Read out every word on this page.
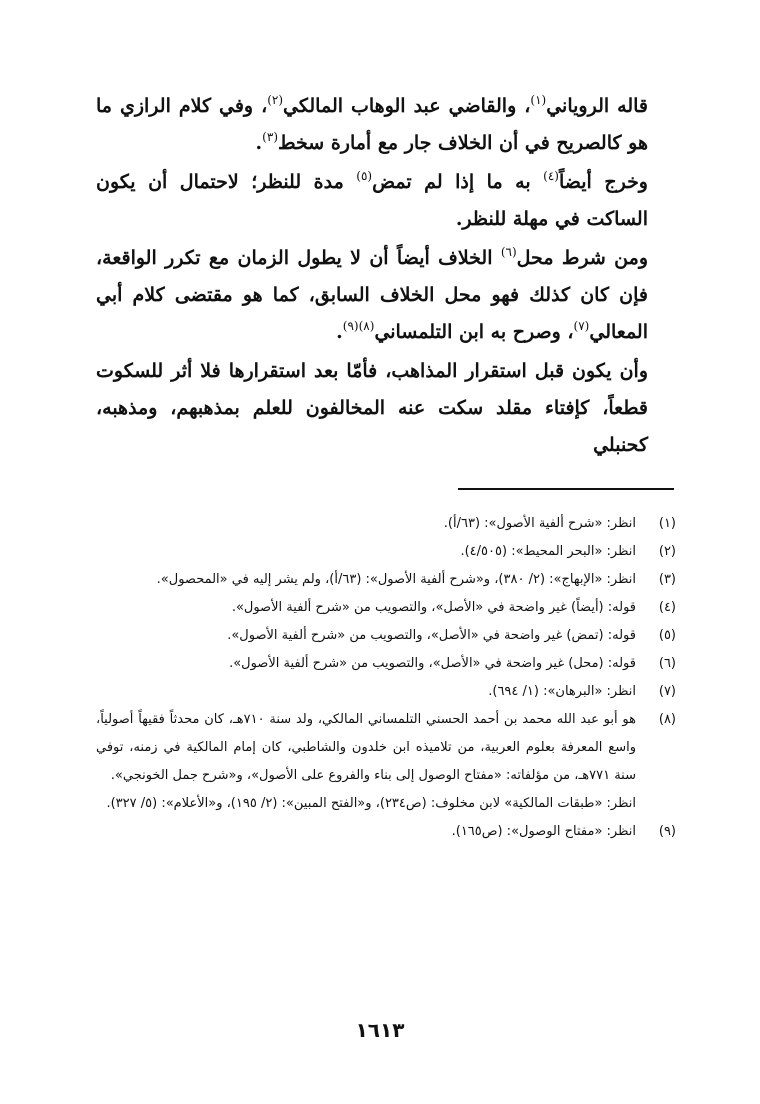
قاله الروياني$^{(١)}$، والقاضي عبد الوهاب المالكي$^{(٢)}$، وفي كلام الرازي ما هو كالصريح في أن الخلاف جار مع أمارة سخط$^{(٣)}$.

وخرج أيضاً$^{(٤)}$ به ما إذا لم تمض$^{(٥)}$ مدة للنظر؛ لاحتمال أن يكون الساكت في مهلة للنظر.

ومن شرط محل$^{(٦)}$ الخلاف أيضاً أن لا يطول الزمان مع تكرر الواقعة، فإن كان كذلك فهو محل الخلاف السابق، كما هو مقتضى كلام أبي المعالي$^{(٧)}$، وصرح به ابن التلمساني$^{(٨)(٩)}$.

وأن يكون قبل استقرار المذاهب، فأمّا بعد استقرارها فلا أثر للسكوت قطعاً، كإفتاء مقلد سكت عنه المخالفون للعلم بمذهبهم، ومذهبه، كحنبلي

(١)
انظر: «شرح ألفية الأصول»: (٦٣/أ).
(٢)
انظر: «البحر المحيط»: (٤/٥٠٥).
(٣)
انظر: «الإبهاج»: (٢/ ٣٨٠)، و«شرح ألفية الأصول»: (٦٣/أ)، ولم يشر إليه في «المحصول».
(٤)
قوله: (أيضاً) غير واضحة في «الأصل»، والتصويب من «شرح ألفية الأصول».
(٥)
قوله: (تمض) غير واضحة في «الأصل»، والتصويب من «شرح ألفية الأصول».
(٦)
قوله: (محل) غير واضحة في «الأصل»، والتصويب من «شرح ألفية الأصول».
(٧)
انظر: «البرهان»: (١/ ٦٩٤).
(٨)
هو أبو عبد الله محمد بن أحمد الحسني التلمساني المالكي، ولد سنة ٧١٠هـ، كان محدثاً فقيهاً أصولياً، واسع المعرفة بعلوم العربية، من تلاميذه ابن خلدون والشاطبي، كان إمام المالكية في زمنه، توفي سنة ٧٧١هـ، من مؤلفاته: «مفتاح الوصول إلى بناء والفروع على الأصول»، و«شرح جمل الخونجي».
انظر: «طبقات المالكية» لابن مخلوف: (ص٢٣٤)، و«الفتح المبين»: (٢/ ١٩٥)، و«الأعلام»: (٥/ ٣٢٧).
(٩)
انظر: «مفتاح الوصول»: (ص١٦٥).
١٦١٣
